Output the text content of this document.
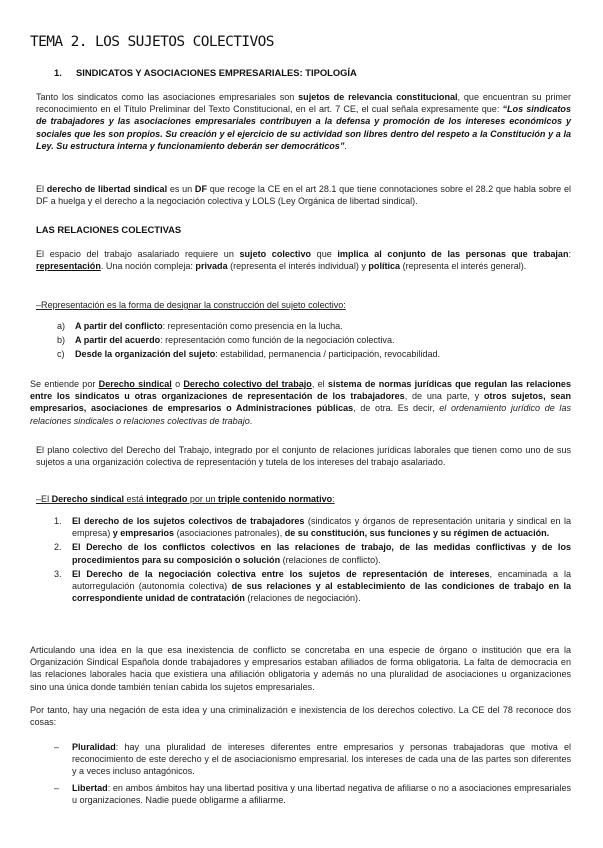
TEMA 2. LOS SUJETOS COLECTIVOS
1. SINDICATOS Y ASOCIACIONES EMPRESARIALES: TIPOLOGÍA

Tanto los sindicatos como las asociaciones empresariales son sujetos de relevancia constitucional, que encuentran su primer reconocimiento en el Título Preliminar del Texto Constitucional, en el art. 7 CE, el cual señala expresamente que: “Los sindicatos de trabajadores y las asociaciones empresariales contribuyen a la defensa y promoción de los intereses económicos y sociales que les son propios. Su creación y el ejercicio de su actividad son libres dentro del respeto a la Constitución y a la Ley. Su estructura interna y funcionamiento deberán ser democráticos”.

El derecho de libertad sindical es un DF que recoge la CE en el art 28.1 que tiene connotaciones sobre el 28.2 que habla sobre el DF a huelga y el derecho a la negociación colectiva y LOLS (Ley Orgánica de libertad sindical).

LAS RELACIONES COLECTIVAS

El espacio del trabajo asalariado requiere un sujeto colectivo que implica al conjunto de las personas que trabajan: representación. Una noción compleja: privada (representa el interés individual) y política (representa el interés general).

–Representación es la forma de designar la construcción del sujeto colectivo:

a) A partir del conflicto: representación como presencia en la lucha.
b) A partir del acuerdo: representación como función de la negociación colectiva.
c) Desde la organización del sujeto: estabilidad, permanencia / participación, revocabilidad.

Se entiende por Derecho sindical o Derecho colectivo del trabajo, el sistema de normas jurídicas que regulan las relaciones entre los sindicatos u otras organizaciones de representación de los trabajadores, de una parte, y otros sujetos, sean empresarios, asociaciones de empresarios o Administraciones públicas, de otra. Es decir, el ordenamiento jurídico de las relaciones sindicales o relaciones colectivas de trabajo.

El plano colectivo del Derecho del Trabajo, integrado por el conjunto de relaciones jurídicas laborales que tienen como uno de sus sujetos a una organización colectiva de representación y tutela de los intereses del trabajo asalariado.

–El Derecho sindical está integrado por un triple contenido normativo:

1. El derecho de los sujetos colectivos de trabajadores (sindicatos y órganos de representación unitaria y sindical en la empresa) y empresarios (asociaciones patronales), de su constitución, sus funciones y su régimen de actuación.
2. El Derecho de los conflictos colectivos en las relaciones de trabajo, de las medidas conflictivas y de los procedimientos para su composición o solución (relaciones de conflicto).
3. El Derecho de la negociación colectiva entre los sujetos de representación de intereses, encaminada a la autorregulación (autonomía colectiva) de sus relaciones y al establecimiento de las condiciones de trabajo en la correspondiente unidad de contratación (relaciones de negociación).

Articulando una idea en la que esa inexistencia de conflicto se concretaba en una especie de órgano o institución que era la Organización Sindical Española donde trabajadores y empresarios estaban afiliados de forma obligatoria. La falta de democracia en las relaciones laborales hacia que existiera una afiliación obligatoria y además no una pluralidad de asociaciones u organizaciones sino una única donde también tenían cabida los sujetos empresariales.

Por tanto, hay una negación de esta idea y una criminalización e inexistencia de los derechos colectivo. La CE del 78 reconoce dos cosas:

– Pluralidad: hay una pluralidad de intereses diferentes entre empresarios y personas trabajadoras que motiva el reconocimiento de este derecho y el de asociacionismo empresarial. los intereses de cada una de las partes son diferentes y a veces incluso antagónicos.
– Libertad: en ambos ámbitos hay una libertad positiva y una libertad negativa de afiliarse o no a asociaciones empresariales u organizaciones. Nadie puede obligarme a afiliarme.
